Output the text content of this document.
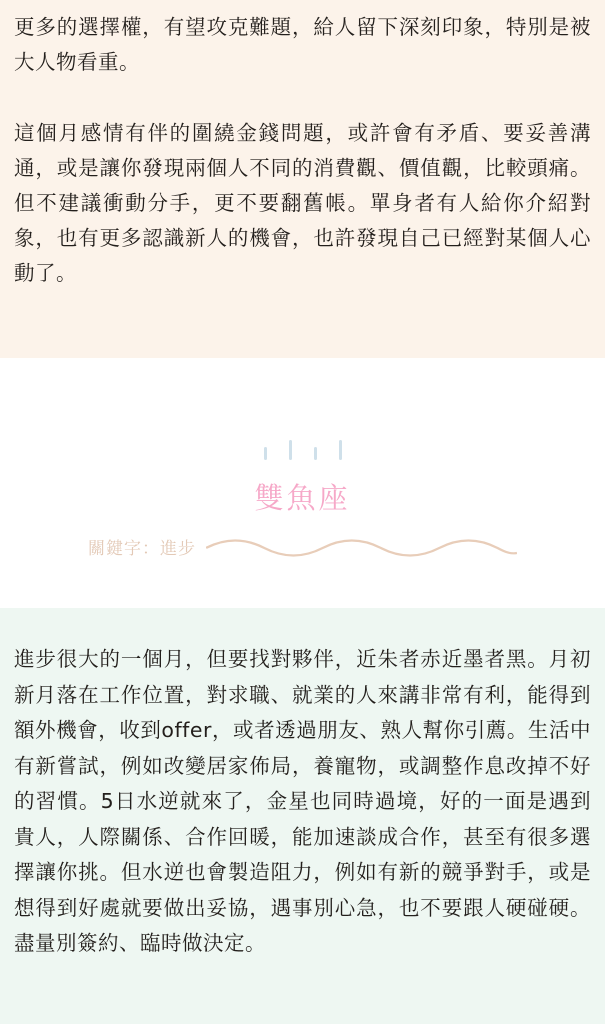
更多的選擇權，有望攻克難題，給人留下深刻印象，特別是被大人物看重。

這個月感情有伴的圍繞金錢問題，或許會有矛盾、要妥善溝通，或是讓你發現兩個人不同的消費觀、價值觀，比較頭痛。但不建議衝動分手，更不要翻舊帳。單身者有人給你介紹對象，也有更多認識新人的機會，也許發現自己已經對某個人心動了。

雙魚座
關鍵字：進步

進步很大的一個月，但要找對夥伴，近朱者赤近墨者黑。月初新月落在工作位置，對求職、就業的人來講非常有利，能得到額外機會，收到offer，或者透過朋友、熟人幫你引薦。生活中有新嘗試，例如改變居家佈局，養寵物，或調整作息改掉不好的習慣。5日水逆就來了，金星也同時過境，好的一面是遇到貴人，人際關係、合作回暖，能加速談成合作，甚至有很多選擇讓你挑。但水逆也會製造阻力，例如有新的競爭對手，或是想得到好處就要做出妥協，遇事別心急，也不要跟人硬碰硬。盡量別簽約、臨時做決定。
